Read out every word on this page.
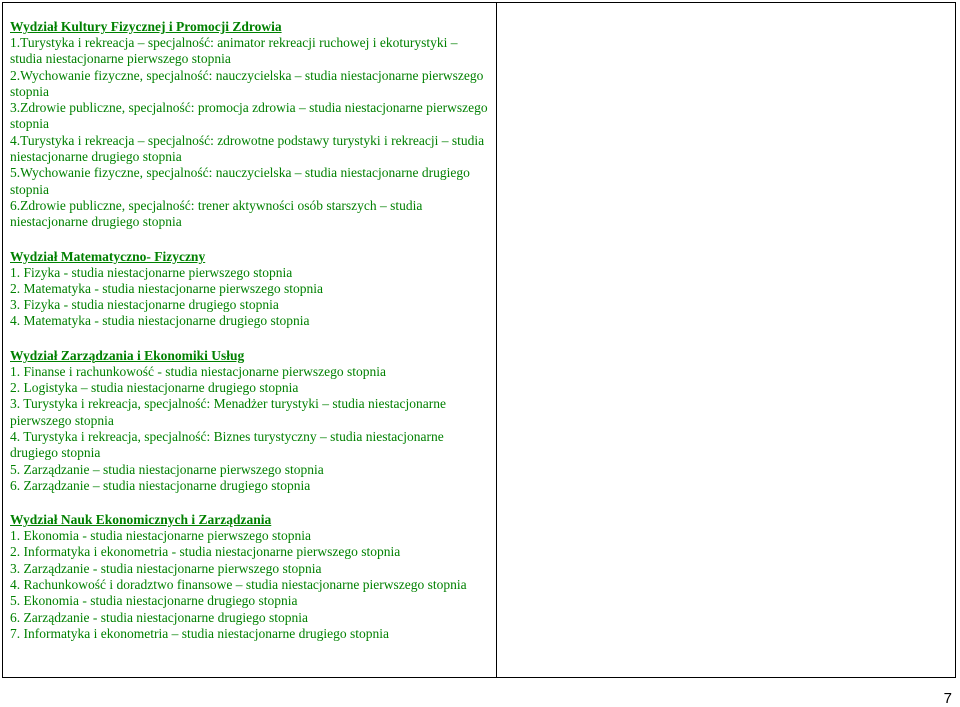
Wydział Kultury Fizycznej i Promocji Zdrowia

1.Turystyka i rekreacja – specjalność: animator rekreacji ruchowej i ekoturystyki – studia niestacjonarne pierwszego stopnia

2.Wychowanie fizyczne, specjalność: nauczycielska – studia niestacjonarne pierwszego stopnia

3.Zdrowie publiczne, specjalność: promocja zdrowia – studia niestacjonarne pierwszego stopnia

4.Turystyka i rekreacja – specjalność: zdrowotne podstawy turystyki i rekreacji – studia niestacjonarne drugiego stopnia

5.Wychowanie fizyczne, specjalność: nauczycielska – studia niestacjonarne drugiego stopnia

6.Zdrowie publiczne, specjalność: trener aktywności osób starszych – studia niestacjonarne drugiego stopnia

Wydział Matematyczno- Fizyczny

1. Fizyka - studia niestacjonarne pierwszego stopnia

2. Matematyka - studia niestacjonarne pierwszego stopnia

3. Fizyka - studia niestacjonarne drugiego stopnia

4. Matematyka - studia niestacjonarne drugiego stopnia

Wydział Zarządzania i Ekonomiki Usług

1. Finanse i rachunkowość - studia niestacjonarne pierwszego stopnia

2. Logistyka – studia niestacjonarne drugiego stopnia

3. Turystyka i rekreacja, specjalność: Menadżer turystyki – studia niestacjonarne pierwszego stopnia

4. Turystyka i rekreacja, specjalność: Biznes turystyczny – studia niestacjonarne drugiego stopnia

5. Zarządzanie – studia niestacjonarne pierwszego stopnia

6. Zarządzanie – studia niestacjonarne drugiego stopnia

Wydział Nauk Ekonomicznych i Zarządzania

1. Ekonomia - studia niestacjonarne pierwszego stopnia

2. Informatyka i ekonometria - studia niestacjonarne pierwszego stopnia

3. Zarządzanie - studia niestacjonarne pierwszego stopnia

4. Rachunkowość i doradztwo finansowe – studia niestacjonarne pierwszego stopnia

5. Ekonomia - studia niestacjonarne drugiego stopnia

6. Zarządzanie - studia niestacjonarne drugiego stopnia

7. Informatyka i ekonometria – studia niestacjonarne drugiego stopnia

7
